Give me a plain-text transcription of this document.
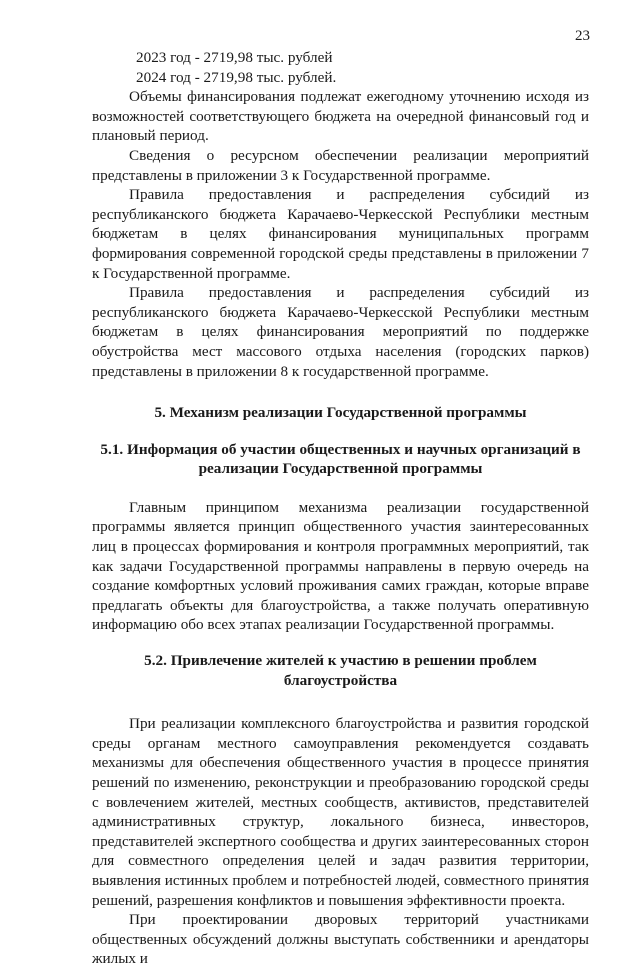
23

2023 год - 2719,98 тыс. рублей

2024 год - 2719,98 тыс. рублей.

Объемы финансирования подлежат ежегодному уточнению исходя из возможностей соответствующего бюджета на очередной финансовый год и плановый период.

Сведения о ресурсном обеспечении реализации мероприятий представлены в приложении 3 к Государственной программе.

Правила предоставления и распределения субсидий из республиканского бюджета Карачаево-Черкесской Республики местным бюджетам в целях финансирования муниципальных программ формирования современной городской среды представлены в приложении 7 к Государственной программе.

Правила предоставления и распределения субсидий из республиканского бюджета Карачаево-Черкесской Республики местным бюджетам в целях финансирования мероприятий по поддержке обустройства мест массового отдыха населения (городских парков) представлены в приложении 8 к государственной программе.

5. Механизм реализации Государственной программы

5.1. Информация об участии общественных и научных организаций в реализации Государственной программы

Главным принципом механизма реализации государственной программы является принцип общественного участия заинтересованных лиц в процессах формирования и контроля программных мероприятий, так как задачи Государственной программы направлены в первую очередь на создание комфортных условий проживания самих граждан, которые вправе предлагать объекты для благоустройства, а также получать оперативную информацию обо всех этапах реализации Государственной программы.

5.2. Привлечение жителей к участию в решении проблем благоустройства

При реализации комплексного благоустройства и развития городской среды органам местного самоуправления рекомендуется создавать механизмы для обеспечения общественного участия в процессе принятия решений по изменению, реконструкции и преобразованию городской среды с вовлечением жителей, местных сообществ, активистов, представителей административных структур, локального бизнеса, инвесторов, представителей экспертного сообщества и других заинтересованных сторон для совместного определения целей и задач развития территории, выявления истинных проблем и потребностей людей, совместного принятия решений, разрешения конфликтов и повышения эффективности проекта.

При проектировании дворовых территорий участниками общественных обсуждений должны выступать собственники и арендаторы жилых и
